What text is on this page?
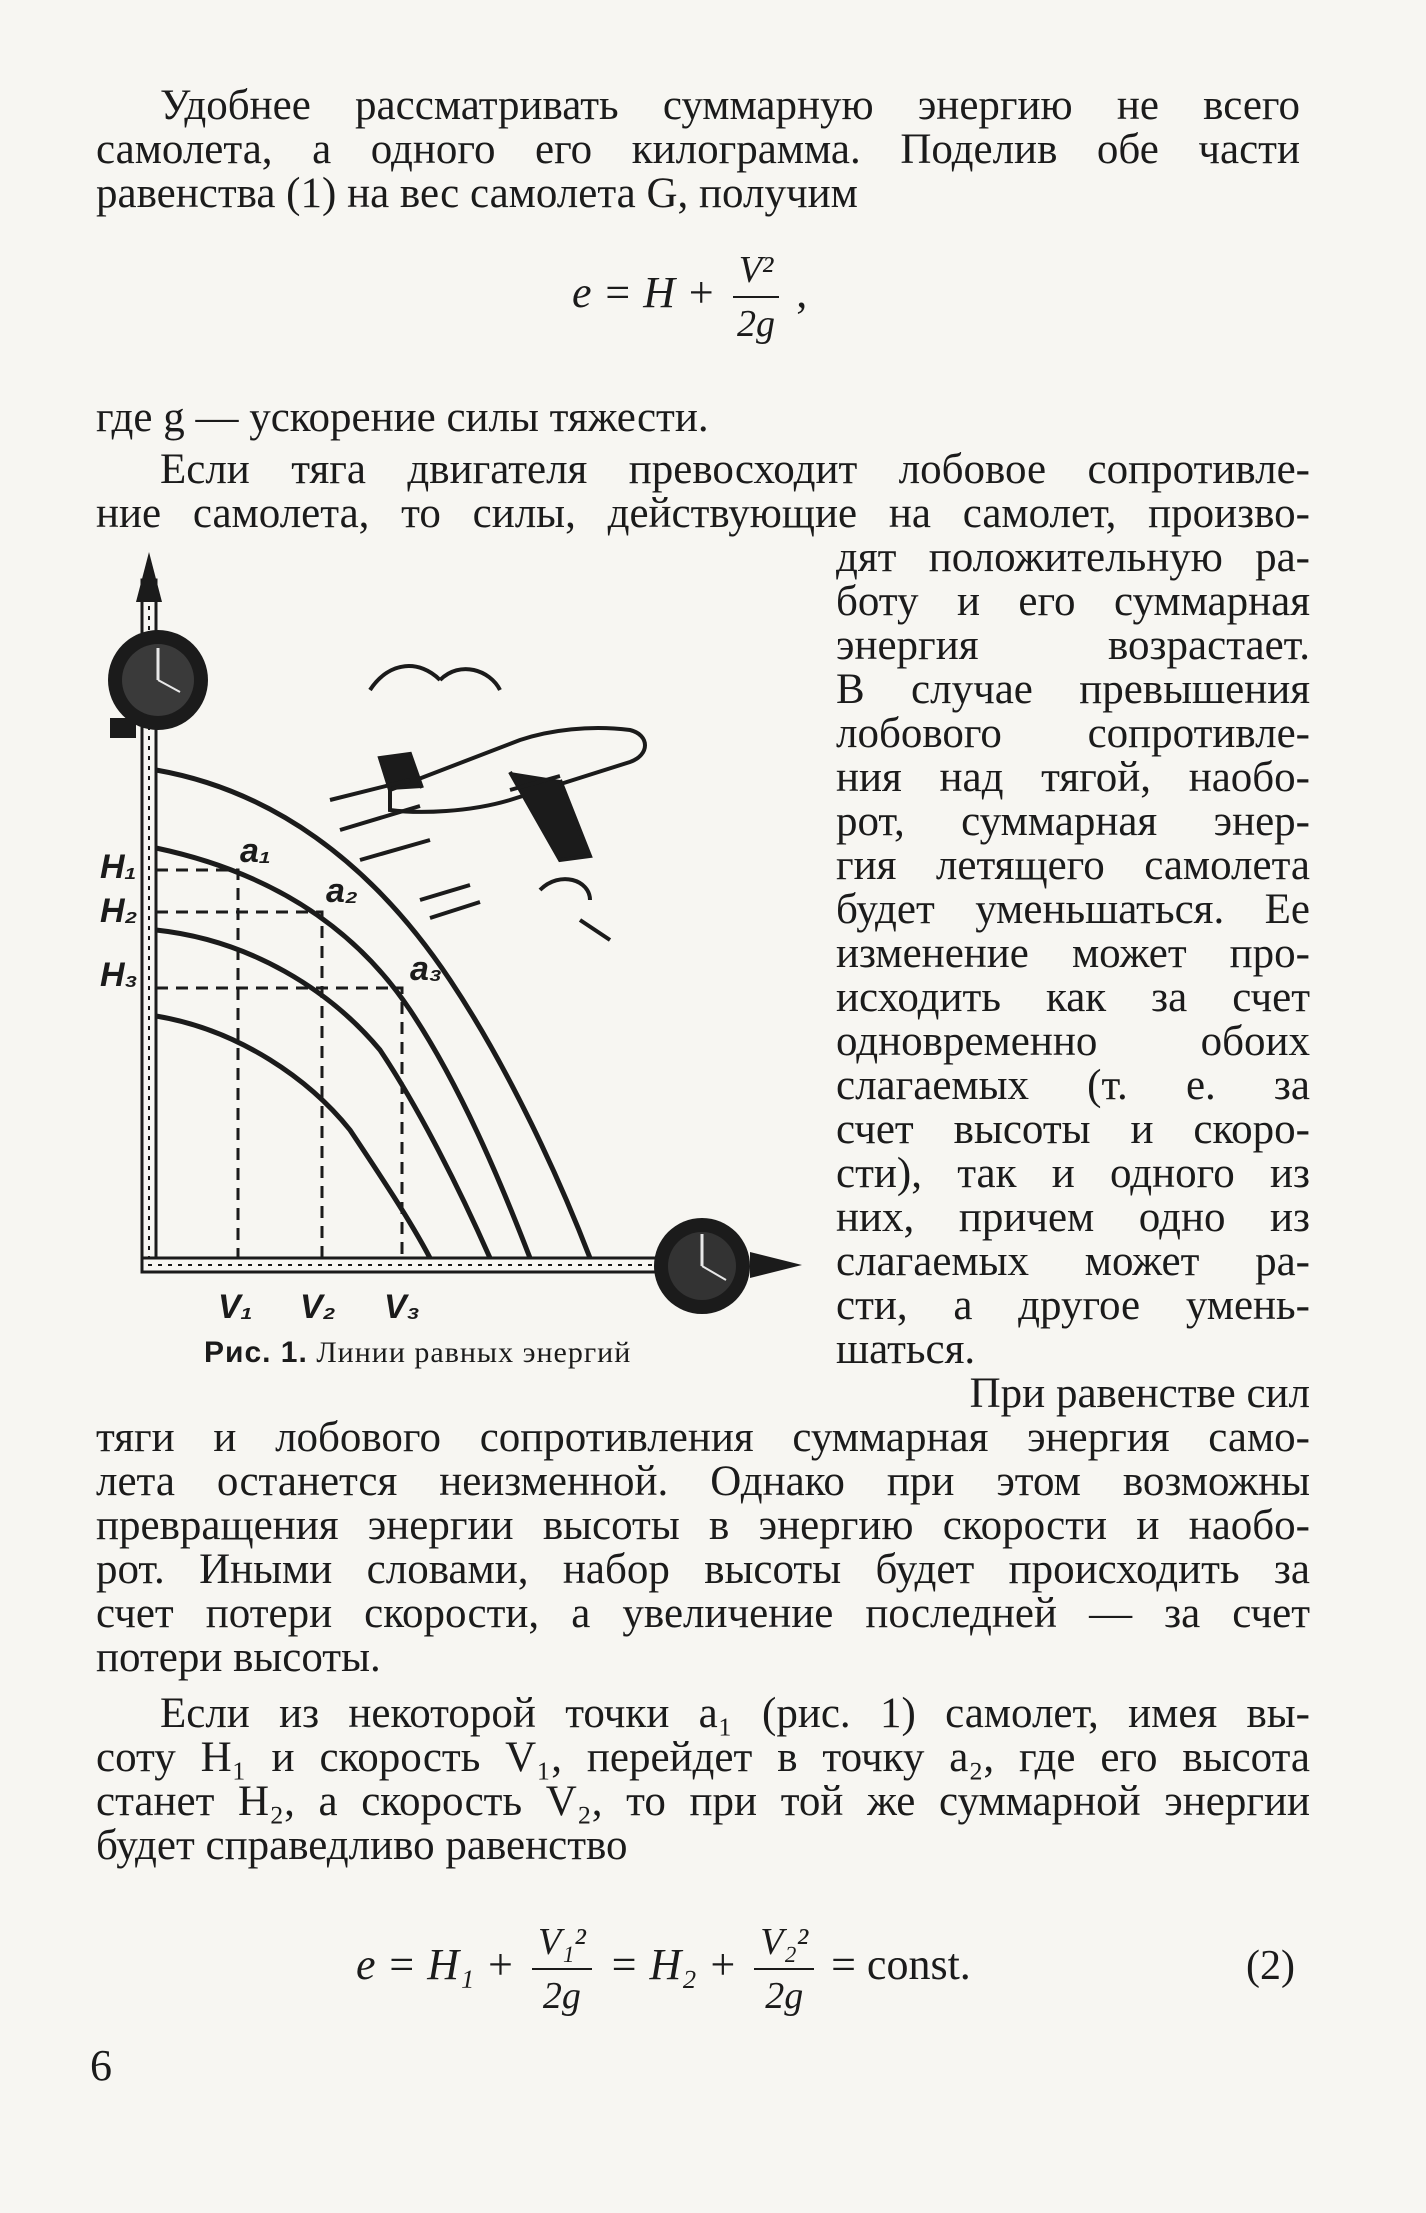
Удобнее рассматривать суммарную энергию не всего
самолета, а одного его килограмма. Поделив обе части
равенства (1) на вес самолета G, получим
$e = H + \frac{\text{V²}}{2g}$ ,
где g — ускорение силы тяжести.
Если тяга двигателя превосходит лобовое сопротивле-
ние самолета, то силы, действующие на самолет, произво-
дят положительную ра-
боту и его суммарная
энергия возрастает.
В случае превышения
лобового сопротивле-
ния над тягой, наобо-
рот, суммарная энер-
гия летящего самолета
будет уменьшаться. Ее
изменение может про-
исходить как за счет
одновременно обоих
слагаемых (т. е. за
счет высоты и скоро-
сти), так и одного из
них, причем одно из
слагаемых может ра-
сти, а другое умень-
шаться.
H₁
H₂
H₃
V₁ V₂ V₃
a₁
a₂
a₃
Рис. 1. Линии равных энергий
При равенстве сил
тяги и лобового сопротивления суммарная энергия само-
лета останется неизменной. Однако при этом возможны
превращения энергии высоты в энергию скорости и наобо-
рот. Иными словами, набор высоты будет происходить за
счет потери скорости, а увеличение последней — за счет
потери высоты.
Если из некоторой точки a₁ (рис. 1) самолет, имея вы-
соту H₁ и скорость V₁, перейдет в точку a₂, где его высота
станет H₂, а скорость V₂, то при той же суммарной энергии
будет справедливо равенство
$e = H_1 + \frac{\text{V₁²}}{2g} = H_2 + \frac{\text{V₂²}}{2g}$ = const.	(2)
6
